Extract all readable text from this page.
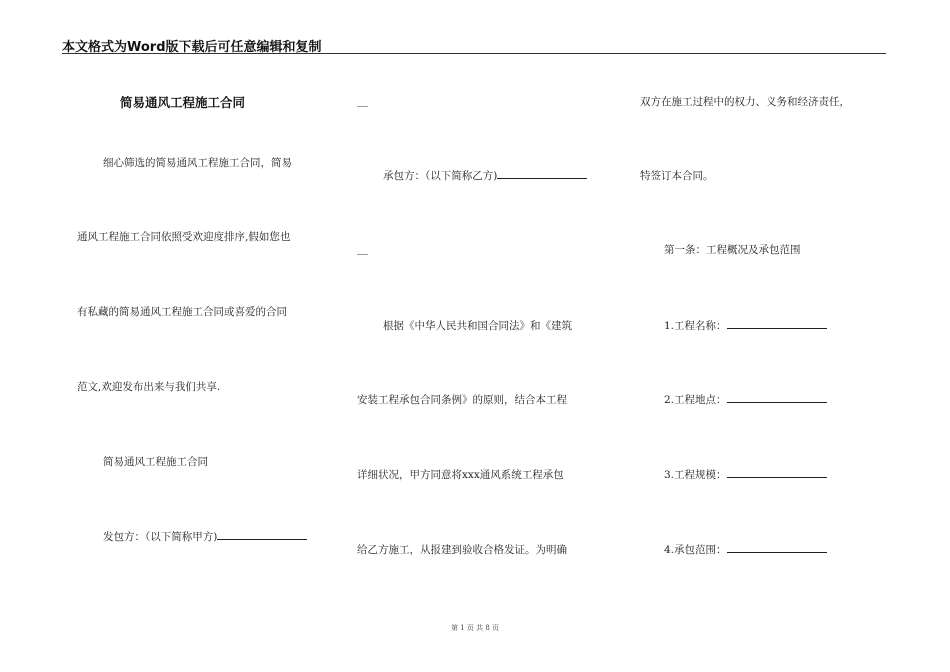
本文格式为Word版下载后可任意编辑和复制
简易通风工程施工合同
细心筛选的简易通风工程施工合同，简易
通风工程施工合同依照受欢迎度排序,假如您也
有私藏的简易通风工程施工合同或喜爱的合同
范文,欢迎发布出来与我们共享.
简易通风工程施工合同
发包方：（以下简称甲方)
__
承包方：（以下简称乙方)
__
根据《中华人民共和国合同法》和《建筑
安装工程承包合同条例》的原则，结合本工程
详细状况，甲方同意将xxx通风系统工程承包
给乙方施工，从报建到验收合格发证。为明确
双方在施工过程中的权力、义务和经济责任，
特签订本合同。
第一条：工程概况及承包范围
1.工程名称：
2.工程地点：
3.工程规模：
4.承包范围：
第 1 页 共 8 页
